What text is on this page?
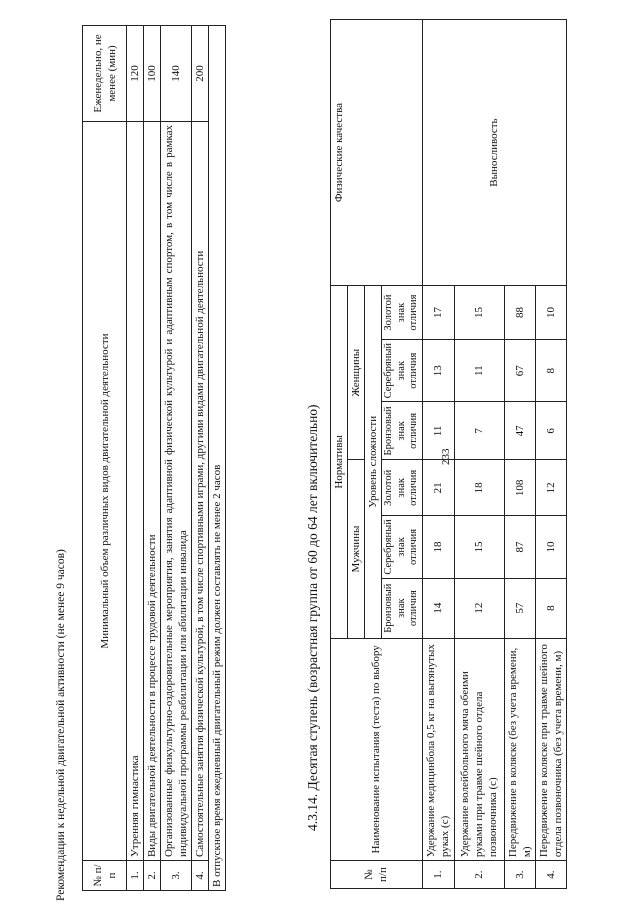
233
Рекомендации к недельной двигательной активности (не менее 9 часов) № п/п	Минимальный объем различных видов двигательной деятельности	Еженедельно, не менее (мин)
1.	Утренняя гимнастика	120
2.	Виды двигательной деятельности в процессе трудовой деятельности	100
3.	Организованные физкультурно-оздоровительные мероприятия, занятия адаптивной физической культурой и адаптивным спортом, в том числе в рамках индивидуальной программы реабилитации или абилитации инвалида	140
4.	Самостоятельные занятия физической культурой, в том числе спортивными играми, другими видами двигательной деятельности	200
В отпускное время ежедневный двигательный режим должен составлять не менее 2 часов			4.3.14. Десятая ступень (возрастная группа от 60 до 64 лет включительно)
№ п/п	Наименование испытания (теста) по выбору	Нормативы						Физические качества
		Мужчины			Женщины			
		Уровень сложности						
		Бронзовый знак отличия	Серебряный знак отличия	Золотой знак отличия	Бронзовый знак отличия	Серебряный знак отличия	Золотой знак отличия	
1.	Удержание медицинбола 0,5 кг на вытянутых руках (с)	14	18	21	11	13	17	Выносливость
2.	Удержание волейбольного мяча обеими руками при травме шейного отдела позвоночника (с)	12	15	18	7	11	15	
3.	Передвижение в коляске (без учета времени, м)	57	87	108	47	67	88	
4.	Передвижение в коляске при травме шейного отдела позвоночника (без учета времени, м)	8	10	12	6	8	10	
